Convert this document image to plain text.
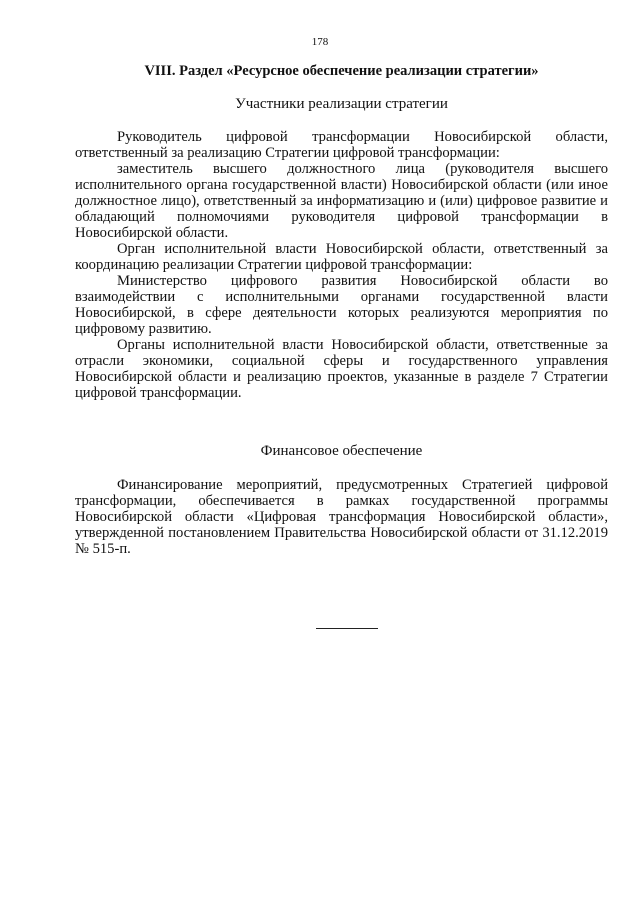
178
VIII. Раздел «Ресурсное обеспечение реализации стратегии»
Участники реализации стратегии

Руководитель цифровой трансформации Новосибирской области, ответственный за реализацию Стратегии цифровой трансформации:

заместитель высшего должностного лица (руководителя высшего исполнительного органа государственной власти) Новосибирской области (или иное должностное лицо), ответственный за информатизацию и (или) цифровое развитие и обладающий полномочиями руководителя цифровой трансформации в Новосибирской области.

Орган исполнительной власти Новосибирской области, ответственный за координацию реализации Стратегии цифровой трансформации:

Министерство цифрового развития Новосибирской области во взаимодействии с исполнительными органами государственной власти Новосибирской, в сфере деятельности которых реализуются мероприятия по цифровому развитию.

Органы исполнительной власти Новосибирской области, ответственные за отрасли экономики, социальной сферы и государственного управления Новосибирской области и реализацию проектов, указанные в разделе 7 Стратегии цифровой трансформации.

Финансовое обеспечение

Финансирование мероприятий, предусмотренных Стратегией цифровой трансформации, обеспечивается в рамках государственной программы Новосибирской области «Цифровая трансформация Новосибирской области», утвержденной постановлением Правительства Новосибирской области от 31.12.2019 № 515-п.
